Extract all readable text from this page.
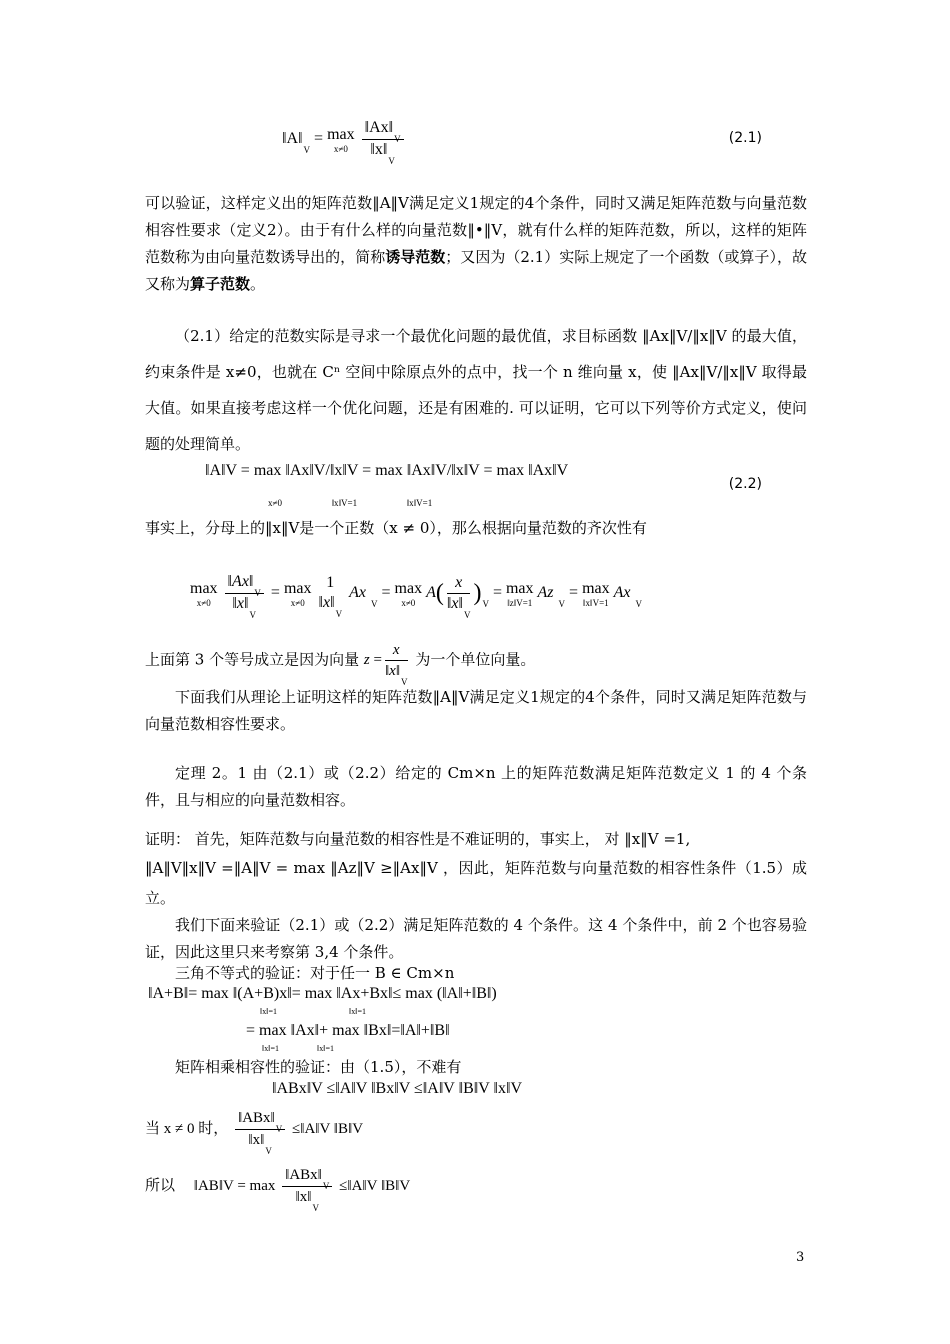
$‖A‖_V = \max$
x≠0
$\frac{‖Ax‖_V}{‖x‖_V}$	(2.1)
可以验证，这样定义出的矩阵范数‖A‖V满足定义1规定的4个条件，同时又满足矩阵范数与向量范数相容性要求（定义2）。由于有什么样的向量范数‖•‖V，就有什么样的矩阵范数，所以，这样的矩阵范数称为由向量范数诱导出的，简称诱导范数；又因为（2.1）实际上规定了一个函数（或算子），故又称为算子范数。
（2.1）给定的范数实际是寻求一个最优化问题的最优值，求目标函数 ‖Ax‖V/‖x‖V 的最大值，约束条件是 x≠0，也就在 Cⁿ 空间中除原点外的点中，找一个 n 维向量 x，使 ‖Ax‖V/‖x‖V 取得最大值。如果直接考虑这样一个优化问题，还是有困难的. 可以证明，它可以下列等价方式定义，使问题的处理简单。
‖A‖V = max ‖Ax‖V/‖x‖V = max ‖Ax‖V/‖x‖V = max ‖Ax‖V
x≠0	‖x‖V=1	‖x‖V=1
(2.2)
事实上，分母上的‖x‖V是一个正数（x ≠ 0），那么根据向量范数的齐次性有
max
x≠0
$\frac{‖Ax‖_V}{‖x‖_V} = \max$
x≠0

1
$‖x‖_V$
Ax $_V$ = max
x≠0
$A( \frac{x}{‖x‖_V} )_V = \max$
‖z‖V=1
Az $_V$ = max
‖x‖V=1
Ax $_V$
上面第 3 个等号成立是因为向量 $z = \frac{x}{‖x‖_V}$ 为一个单位向量。
下面我们从理论上证明这样的矩阵范数‖A‖V满足定义1规定的4个条件，同时又满足矩阵范数与向量范数相容性要求。
定理 2。1 由（2.1）或（2.2）给定的 Cm×n 上的矩阵范数满足矩阵范数定义 1 的 4 个条件，且与相应的向量范数相容。
证明： 首先，矩阵范数与向量范数的相容性是不难证明的，事实上， 对 ‖x‖V =1,
‖A‖V‖x‖V =‖A‖V = max ‖Az‖V ≥‖Ax‖V ，因此，矩阵范数与向量范数的相容性条件（1.5）成立。
我们下面来验证（2.1）或（2.2）满足矩阵范数的 4 个条件。这 4 个条件中，前 2 个也容易验证，因此这里只来考察第 3,4 个条件。
三角不等式的验证：对于任一 B ∈ Cm×n
‖A+B‖= max ‖(A+B)x‖= max ‖Ax+Bx‖≤ max (‖A‖+‖B‖)
‖x‖=1	‖x‖=1
= max ‖Ax‖+ max ‖Bx‖=‖A‖+‖B‖
‖x‖=1	‖x‖=1
矩阵相乘相容性的验证：由（1.5），不难有
‖ABx‖V ≤‖A‖V ‖Bx‖V ≤‖A‖V ‖B‖V ‖x‖V
当 x ≠ 0 时， $\frac{‖ABx‖_V}{‖x‖_V}$ ≤‖A‖V ‖B‖V
所以 ‖AB‖V = $\max \frac{‖ABx‖_V}{‖x‖_V}$ ≤‖A‖V ‖B‖V
3
